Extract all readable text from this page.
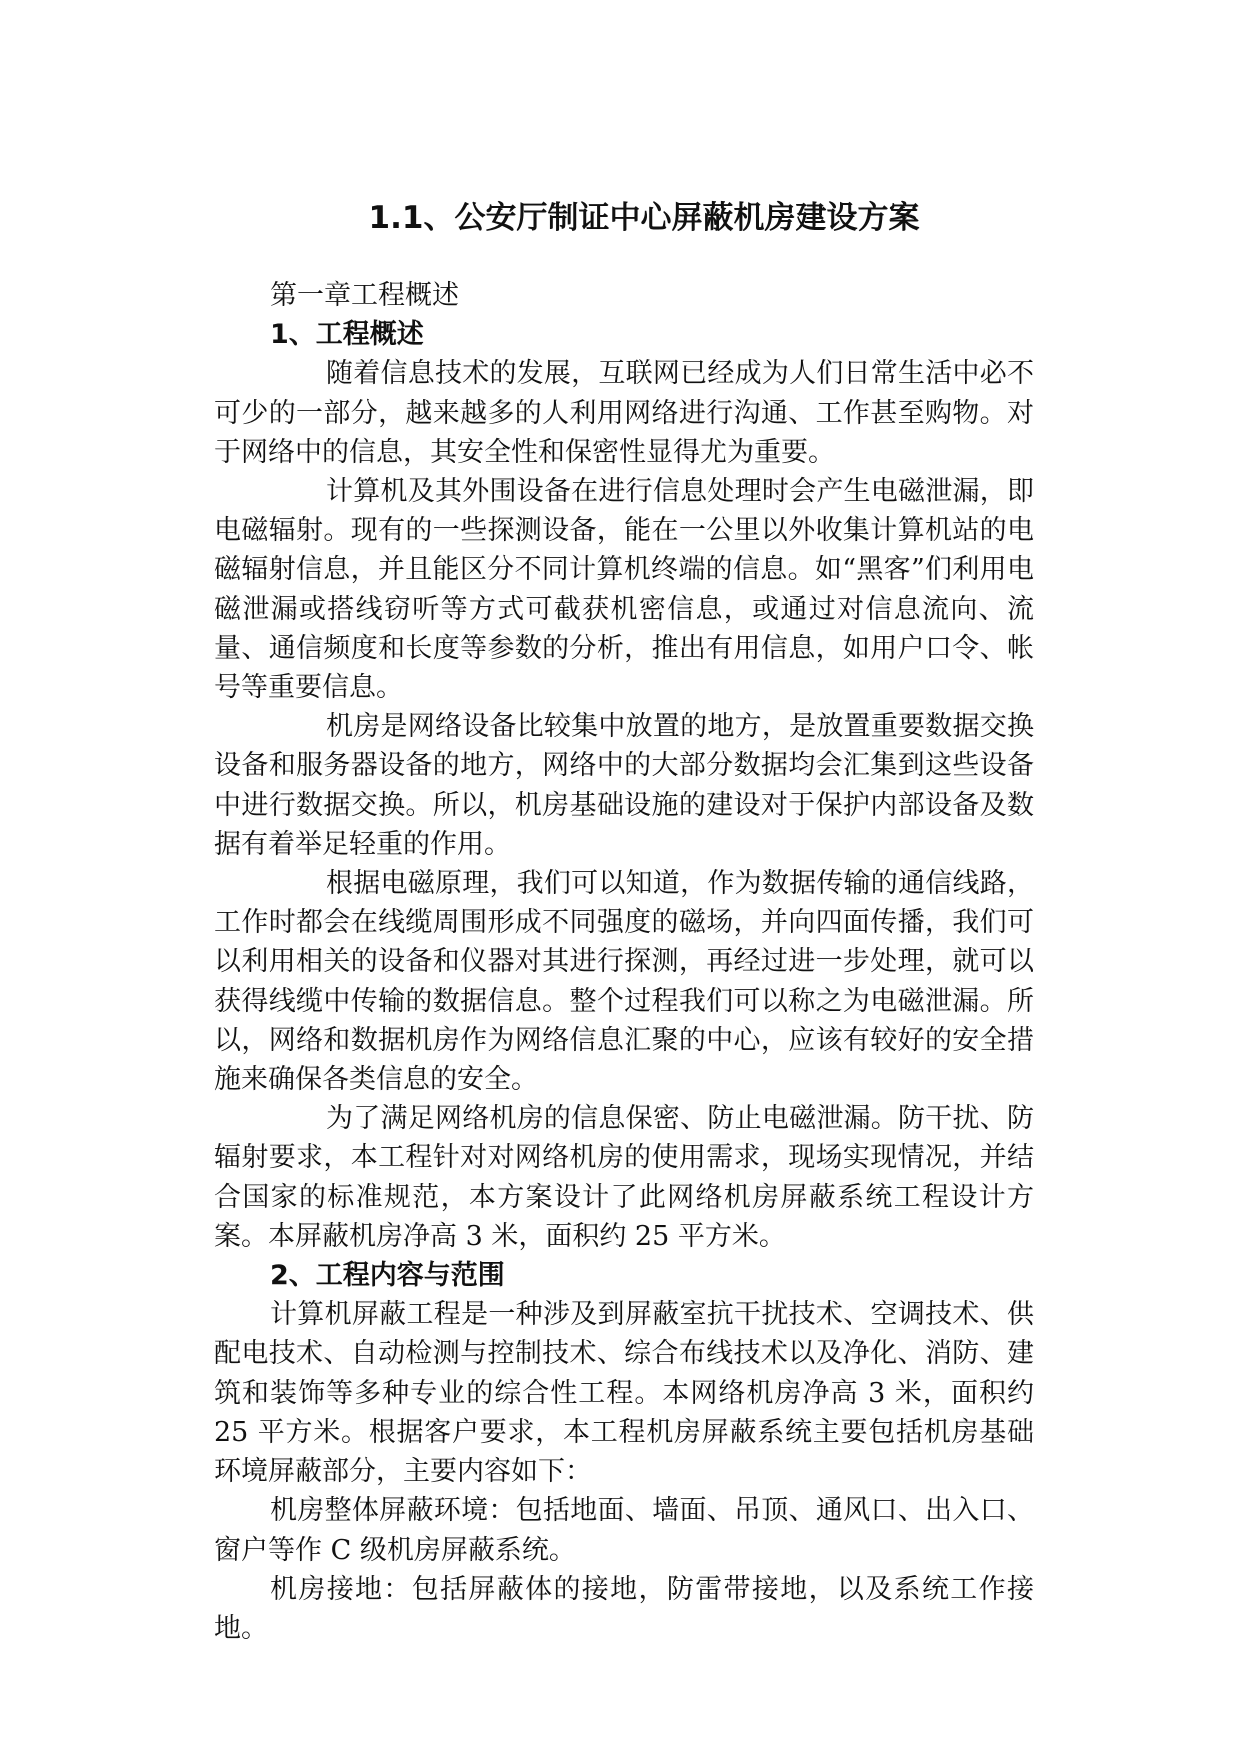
1.1、公安厅制证中心屏蔽机房建设方案

第一章工程概述

1、工程概述

随着信息技术的发展，互联网已经成为人们日常生活中必不可少的一部分，越来越多的人利用网络进行沟通、工作甚至购物。对于网络中的信息，其安全性和保密性显得尤为重要。

计算机及其外围设备在进行信息处理时会产生电磁泄漏，即电磁辐射。现有的一些探测设备，能在一公里以外收集计算机站的电磁辐射信息，并且能区分不同计算机终端的信息。如“黑客”们利用电磁泄漏或搭线窃听等方式可截获机密信息，或通过对信息流向、流量、通信频度和长度等参数的分析，推出有用信息，如用户口令、帐号等重要信息。

机房是网络设备比较集中放置的地方，是放置重要数据交换设备和服务器设备的地方，网络中的大部分数据均会汇集到这些设备中进行数据交换。所以，机房基础设施的建设对于保护内部设备及数据有着举足轻重的作用。

根据电磁原理，我们可以知道，作为数据传输的通信线路，工作时都会在线缆周围形成不同强度的磁场，并向四面传播，我们可以利用相关的设备和仪器对其进行探测，再经过进一步处理，就可以获得线缆中传输的数据信息。整个过程我们可以称之为电磁泄漏。所以，网络和数据机房作为网络信息汇聚的中心，应该有较好的安全措施来确保各类信息的安全。

为了满足网络机房的信息保密、防止电磁泄漏。防干扰、防辐射要求，本工程针对对网络机房的使用需求，现场实现情况，并结合国家的标准规范，本方案设计了此网络机房屏蔽系统工程设计方案。本屏蔽机房净高 3 米，面积约 25 平方米。

2、工程内容与范围

计算机屏蔽工程是一种涉及到屏蔽室抗干扰技术、空调技术、供配电技术、自动检测与控制技术、综合布线技术以及净化、消防、建筑和装饰等多种专业的综合性工程。本网络机房净高 3 米，面积约 25 平方米。根据客户要求，本工程机房屏蔽系统主要包括机房基础环境屏蔽部分，主要内容如下：

机房整体屏蔽环境：包括地面、墙面、吊顶、通风口、出入口、窗户等作 C 级机房屏蔽系统。

机房接地：包括屏蔽体的接地，防雷带接地，以及系统工作接地。
